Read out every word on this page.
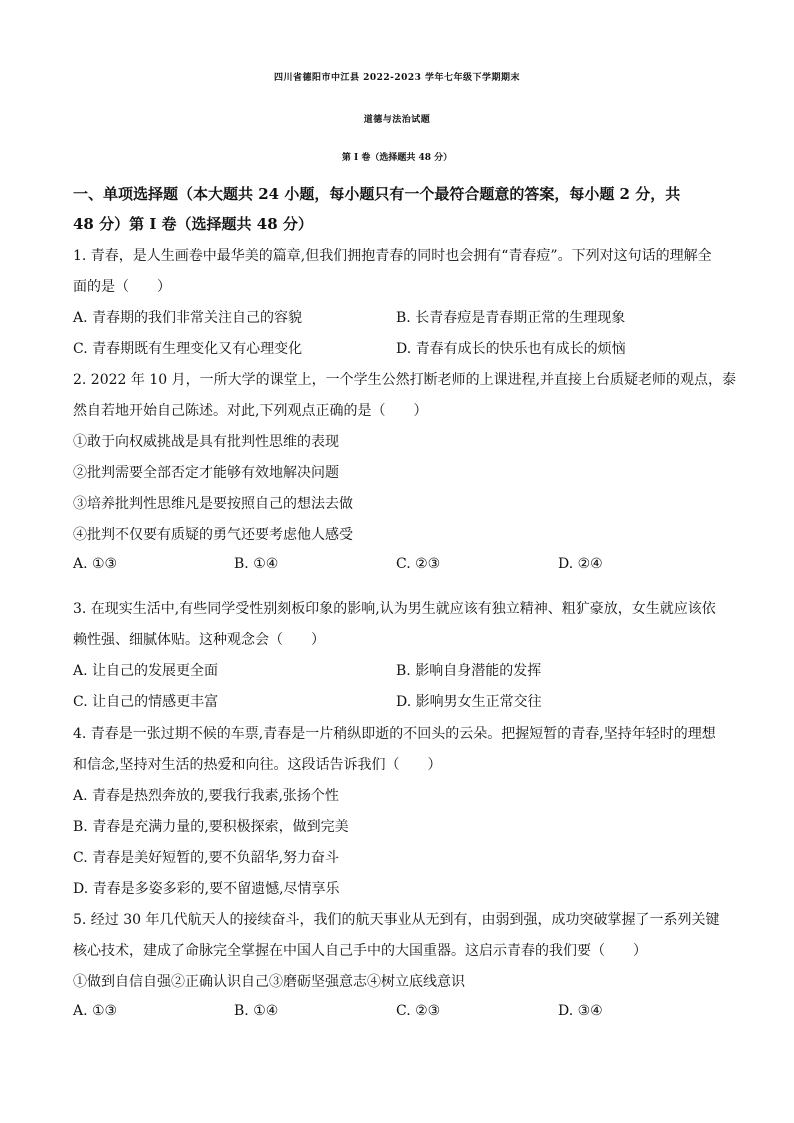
四川省德阳市中江县 2022-2023 学年七年级下学期期末
道德与法治试题
第 I 卷（选择题共 48 分）
一、单项选择题（本大题共 24 小题，每小题只有一个最符合题意的答案，每小题 2 分，共
48 分）第 I 卷（选择题共 48 分）
1. 青春，是人生画卷中最华美的篇章,但我们拥抱青春的同时也会拥有“青春痘”。下列对这句话的理解全
面的是（　　）
A. 青春期的我们非常关注自己的容貌	B. 长青春痘是青春期正常的生理现象
C. 青春期既有生理变化又有心理变化	D. 青春有成长的快乐也有成长的烦恼
2. 2022 年 10 月，一所大学的课堂上，一个学生公然打断老师的上课进程,并直接上台质疑老师的观点，泰
然自若地开始自己陈述。对此,下列观点正确的是（　　）
①敢于向权威挑战是具有批判性思维的表现
②批判需要全部否定才能够有效地解决问题
③培养批判性思维凡是要按照自己的想法去做
④批判不仅要有质疑的勇气还要考虑他人感受
A. ①③	B. ①④	C. ②③	D. ②④
3. 在现实生活中,有些同学受性别刻板印象的影响,认为男生就应该有独立精神、粗犷豪放，女生就应该依
赖性强、细腻体贴。这种观念会（　　）
A. 让自己的发展更全面	B. 影响自身潜能的发挥
C. 让自己的情感更丰富	D. 影响男女生正常交往
4. 青春是一张过期不候的车票,青春是一片稍纵即逝的不回头的云朵。把握短暂的青春,坚持年轻时的理想
和信念,坚持对生活的热爱和向往。这段话告诉我们（　　）
A. 青春是热烈奔放的,要我行我素,张扬个性
B. 青春是充满力量的,要积极探索，做到完美
C. 青春是美好短暂的,要不负韶华,努力奋斗
D. 青春是多姿多彩的,要不留遗憾,尽情享乐
5. 经过 30 年几代航天人的接续奋斗，我们的航天事业从无到有，由弱到强，成功突破掌握了一系列关键
核心技术，建成了命脉完全掌握在中国人自己手中的大国重器。这启示青春的我们要（　　）
①做到自信自强②正确认识自己③磨砺坚强意志④树立底线意识
A. ①③	B. ①④	C. ②③	D. ③④
